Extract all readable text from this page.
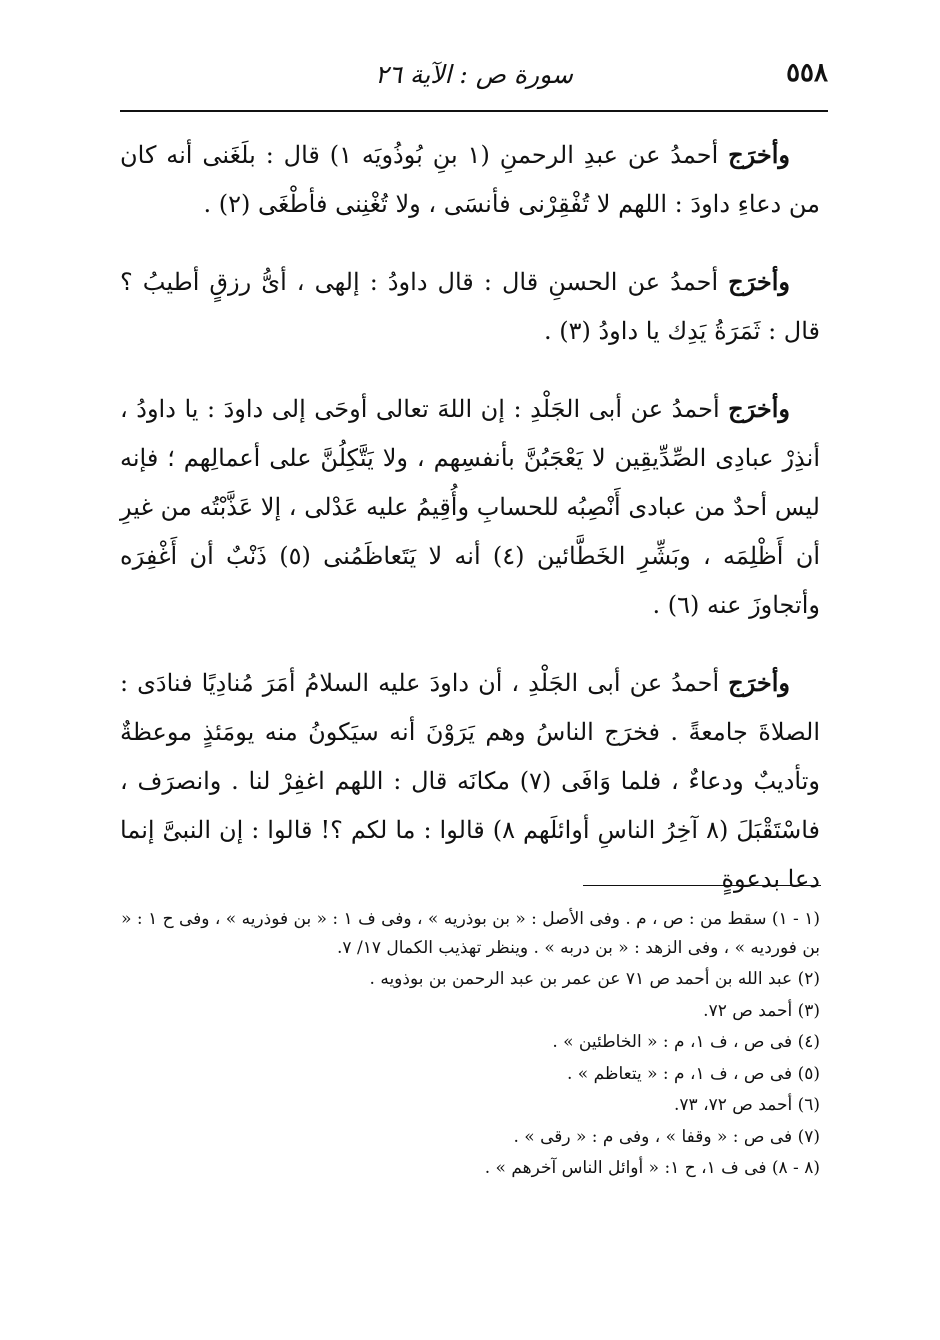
٥٥٨
سورة ص : الآية ٢٦

وأخرَج أحمدُ عن عبدِ الرحمنِ (١ بنِ بُوذُويَه ١) قال : بلَغَنى أنه كان من دعاءِ داودَ : اللهم لا تُفْقِرْنى فأنسَى ، ولا تُغْنِنى فأطْغَى (٢) .

وأخرَج أحمدُ عن الحسنِ قال : قال داودُ : إلهى ، أىُّ رزقٍ أطيبُ ؟ قال : ثَمَرَةُ يَدِك يا داودُ (٣) .

وأخرَج أحمدُ عن أبى الجَلْدِ : إن اللهَ تعالى أوحَى إلى داودَ : يا داودُ ، أنذِرْ عبادِى الصِّدِّيقِين لا يَعْجَبُنَّ بأنفسِهم ، ولا يَتَّكِلُنَّ على أعمالِهم ؛ فإنه ليس أحدٌ من عبادى أَنْصِبُه للحسابِ وأُقِيمُ عليه عَدْلى ، إلا عَذَّبْتُه من غيرِ أن أَظْلِمَه ، وبَشِّرِ الخَطَّائين (٤) أنه لا يَتَعاظَمُنى (٥) ذَنْبٌ أن أَغْفِرَه وأتجاوزَ عنه (٦) .

وأخرَج أحمدُ عن أبى الجَلْدِ ، أن داودَ عليه السلامُ أمَرَ مُنادِيًا فنادَى : الصلاةَ جامعةً . فخرَج الناسُ وهم يَرَوْنَ أنه سيَكونُ منه يومَئذٍ موعظةٌ وتأديبٌ ودعاءٌ ، فلما وَافَى (٧) مكانَه قال : اللهم اغفِرْ لنا . وانصرَف ، فاسْتَقْبَلَ (٨ آخِرُ الناسِ أوائلَهم ٨) قالوا : ما لكم ؟! قالوا : إن النبىَّ إنما دعا بدعوةٍ

(١ - ١) سقط من : ص ، م . وفى الأصل : « بن بوذريه » ، وفى ف ١ : « بن فوذريه » ، وفى ح ١ : « بن فورديه » ، وفى الزهد : « بن دربه » . وينظر تهذيب الكمال ١٧/ ٧.

(٢) عبد الله بن أحمد ص ٧١ عن عمر بن عبد الرحمن بن بوذويه .

(٣) أحمد ص ٧٢.

(٤) فى ص ، ف ١، م : « الخاطئين » .

(٥) فى ص ، ف ١، م : « يتعاظم » .

(٦) أحمد ص ٧٢، ٧٣.

(٧) فى ص : « وقفا » ، وفى م : « رقى » .

(٨ - ٨) فى ف ١، ح ١: « أوائل الناس آخرهم » .
